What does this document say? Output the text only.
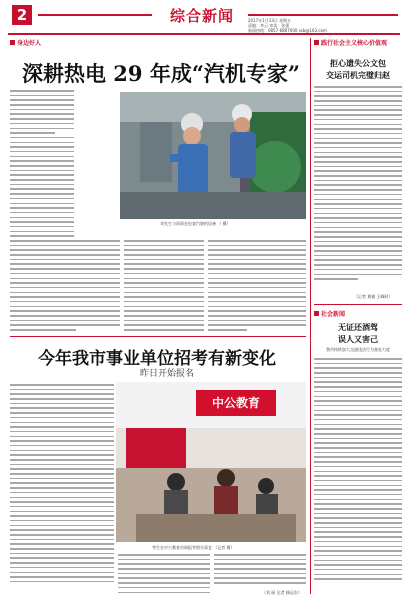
2	综合新闻	2017年1月13日 星期五
责编：李云 审读：张强
新闻热线：0857-6867000 ssb@163.com
身边好人
深耕热电 29 年成“汽机专家”
刘先生与同事在检查汽轮机设备 （ 摄）
今年我市事业单位招考有新变化
昨日开始报名
中公教育
考生在中公教育咨询报考相关事宜 （记者 摄）
（刘 丽 记者 顾远东）
践行社会主义核心价值观
拒心遗失公文包
交运司机完璧归赵
（记者 黄雅 王峰时）
社会新闻
无证还酒驾
误人又害己
我市持续加大交通违法行为查处力度
